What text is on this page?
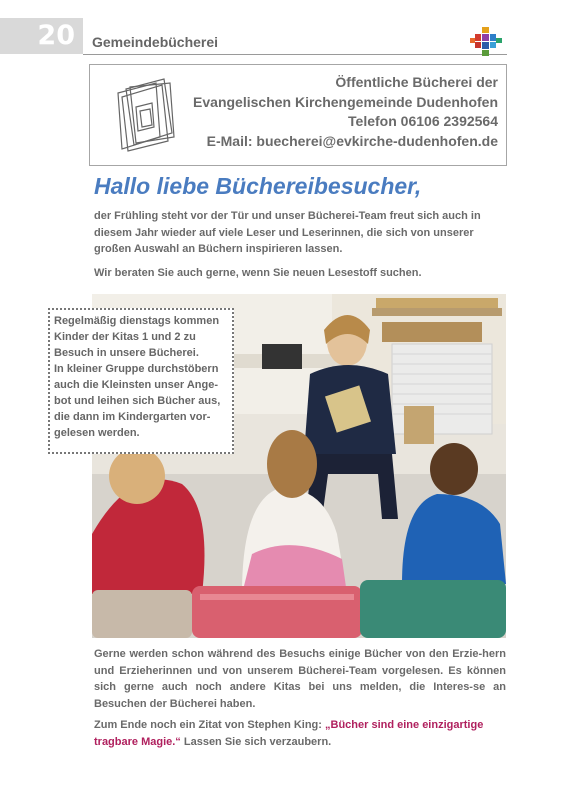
20 Gemeindebücherei
Öffentliche Bücherei der
Evangelischen Kirchengemeinde Dudenhofen
Telefon 06106 2392564
E-Mail: buecherei@evkirche-dudenhofen.de
Hallo liebe Büchereibesucher,

der Frühling steht vor der Tür und unser Bücherei-Team freut sich auch in diesem Jahr wieder auf viele Leser und Leserinnen, die sich von unserer großen Auswahl an Büchern inspirieren lassen.

Wir beraten Sie auch gerne, wenn Sie neuen Lesestoff suchen.

Regelmäßig dienstags kommen
Kinder der Kitas 1 und 2 zu
Besuch in unsere Bücherei.
In kleiner Gruppe durchstöbern
auch die Kleinsten unser Ange-
bot und leihen sich Bücher aus,
die dann im Kindergarten vor-
gelesen werden.

Gerne werden schon während des Besuchs einige Bücher von den Erzie-hern und Erzieherinnen und von unserem Bücherei-Team vorgelesen. Es können sich gerne auch noch andere Kitas bei uns melden, die Interes-se an Besuchen der Bücherei haben.

Zum Ende noch ein Zitat von Stephen King: „Bücher sind eine einzigartige tragbare Magie.“ Lassen Sie sich verzaubern.
